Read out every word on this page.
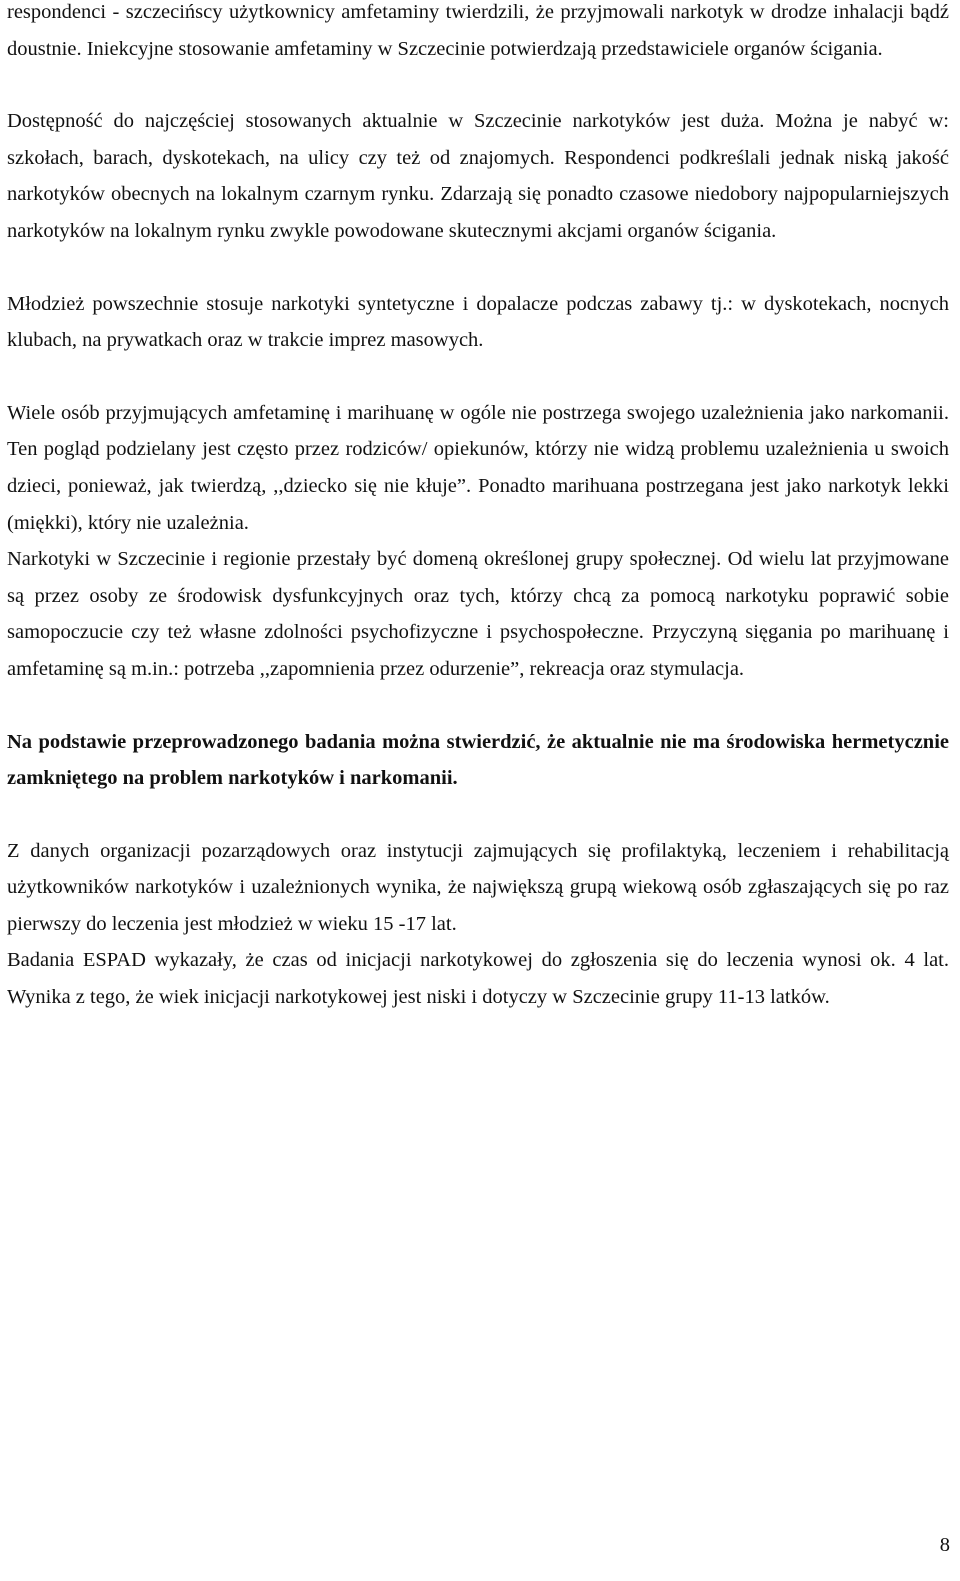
respondenci - szczecińscy użytkownicy amfetaminy twierdzili, że przyjmowali narkotyk w drodze inhalacji bądź doustnie. Iniekcyjne stosowanie amfetaminy w Szczecinie potwierdzają przedstawiciele organów ścigania.

Dostępność do najczęściej stosowanych aktualnie w Szczecinie narkotyków jest duża. Można je nabyć w: szkołach, barach, dyskotekach, na ulicy czy też od znajomych. Respondenci podkreślali jednak niską jakość narkotyków obecnych na lokalnym czarnym rynku. Zdarzają się ponadto czasowe niedobory najpopularniejszych narkotyków na lokalnym rynku zwykle powodowane skutecznymi akcjami organów ścigania.

Młodzież powszechnie stosuje narkotyki syntetyczne i dopalacze podczas zabawy tj.: w dyskotekach, nocnych klubach, na prywatkach oraz w trakcie imprez masowych.

Wiele osób przyjmujących amfetaminę i marihuanę w ogóle nie postrzega swojego uzależnienia jako narkomanii. Ten pogląd podzielany jest często przez rodziców/ opiekunów, którzy nie widzą problemu uzależnienia u swoich dzieci, ponieważ, jak twierdzą, ,,dziecko się nie kłuje”. Ponadto marihuana postrzegana jest jako narkotyk lekki (miękki), który nie uzależnia.

Narkotyki w Szczecinie i regionie przestały być domeną określonej grupy społecznej. Od wielu lat przyjmowane są przez osoby ze środowisk dysfunkcyjnych oraz tych, którzy chcą za pomocą narkotyku poprawić sobie samopoczucie czy też własne zdolności psychofizyczne i psychospołeczne. Przyczyną sięgania po marihuanę i amfetaminę są m.in.: potrzeba ,,zapomnienia przez odurzenie”, rekreacja oraz stymulacja.

Na podstawie przeprowadzonego badania można stwierdzić, że aktualnie nie ma środowiska hermetycznie zamkniętego na problem narkotyków i narkomanii.

Z danych organizacji pozarządowych oraz instytucji zajmujących się profilaktyką, leczeniem i rehabilitacją użytkowników narkotyków i uzależnionych wynika, że największą grupą wiekową osób zgłaszających się po raz pierwszy do leczenia jest młodzież w wieku 15 -17 lat.

Badania ESPAD wykazały, że czas od inicjacji narkotykowej do zgłoszenia się do leczenia wynosi ok. 4 lat. Wynika z tego, że wiek inicjacji narkotykowej jest niski i dotyczy w Szczecinie grupy 11-13 latków.

8
